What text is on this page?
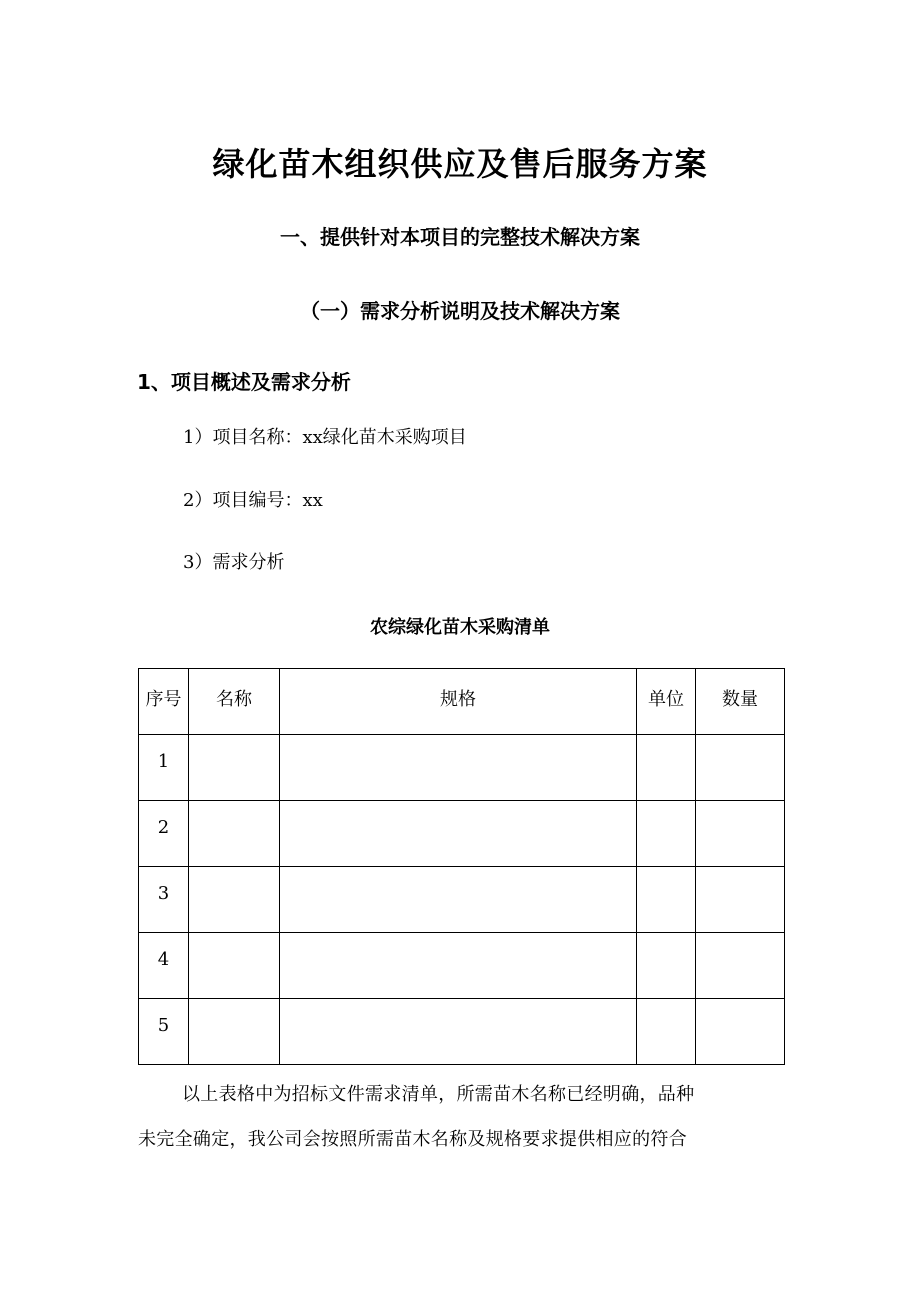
绿化苗木组织供应及售后服务方案
一、提供针对本项目的完整技术解决方案
（一）需求分析说明及技术解决方案
1、项目概述及需求分析
1）项目名称：xx绿化苗木采购项目
2）项目编号：xx
3）需求分析
农综绿化苗木采购清单
序号	名称	规格	单位	数量
1				
2				
3				
4				
5				
以上表格中为招标文件需求清单，所需苗木名称已经明确，品种
未完全确定，我公司会按照所需苗木名称及规格要求提供相应的符合
